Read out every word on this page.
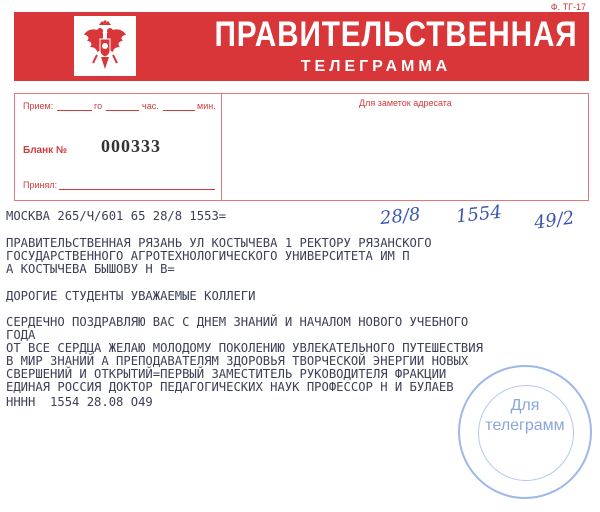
Ф. ТГ-17
ПРАВИТЕЛЬСТВЕННАЯ
ТЕЛЕГРАММА
Прием:	го	час.	мин.
Бланк № 000333
Принял:
Для заметок адресата
МОСКВА 265/Ч/601 65 28/8 1553=	28/8 1554 49/2
ПРАВИТЕЛЬСТВЕННАЯ РЯЗАНЬ УЛ КОСТЫЧЕВА 1 РЕКТОРУ РЯЗАНСКОГО
ГОСУДАРСТВЕННОГО АГРОТЕХНОЛОГИЧЕСКОГО УНИВЕРСИТЕТА ИМ П
А КОСТЫЧЕВА БЫШОВУ Н В=
ДОРОГИЕ СТУДЕНТЫ УВАЖАЕМЫЕ КОЛЛЕГИ
СЕРДЕЧНО ПОЗДРАВЛЯЮ ВАС С ДНЕМ ЗНАНИЙ И НАЧАЛОМ НОВОГО УЧЕБНОГО
ГОДА
ОТ ВСЕ СЕРДЦА ЖЕЛАЮ МОЛОДОМУ ПОКОЛЕНИЮ УВЛЕКАТЕЛЬНОГО ПУТЕШЕСТВИЯ
В МИР ЗНАНИЙ А ПРЕПОДАВАТЕЛЯМ ЗДОРОВЬЯ ТВОРЧЕСКОЙ ЭНЕРГИИ НОВЫХ
СВЕРШЕНИЙ И ОТКРЫТИЙ=ПЕРВЫЙ ЗАМЕСТИТЕЛЬ РУКОВОДИТЕЛЯ ФРАКЦИИ
ЕДИНАЯ РОССИЯ ДОКТОР ПЕДАГОГИЧЕСКИХ НАУК ПРОФЕССОР Н И БУЛАЕВ
НННН  1554 28.08 О49	Для
телеграмм
